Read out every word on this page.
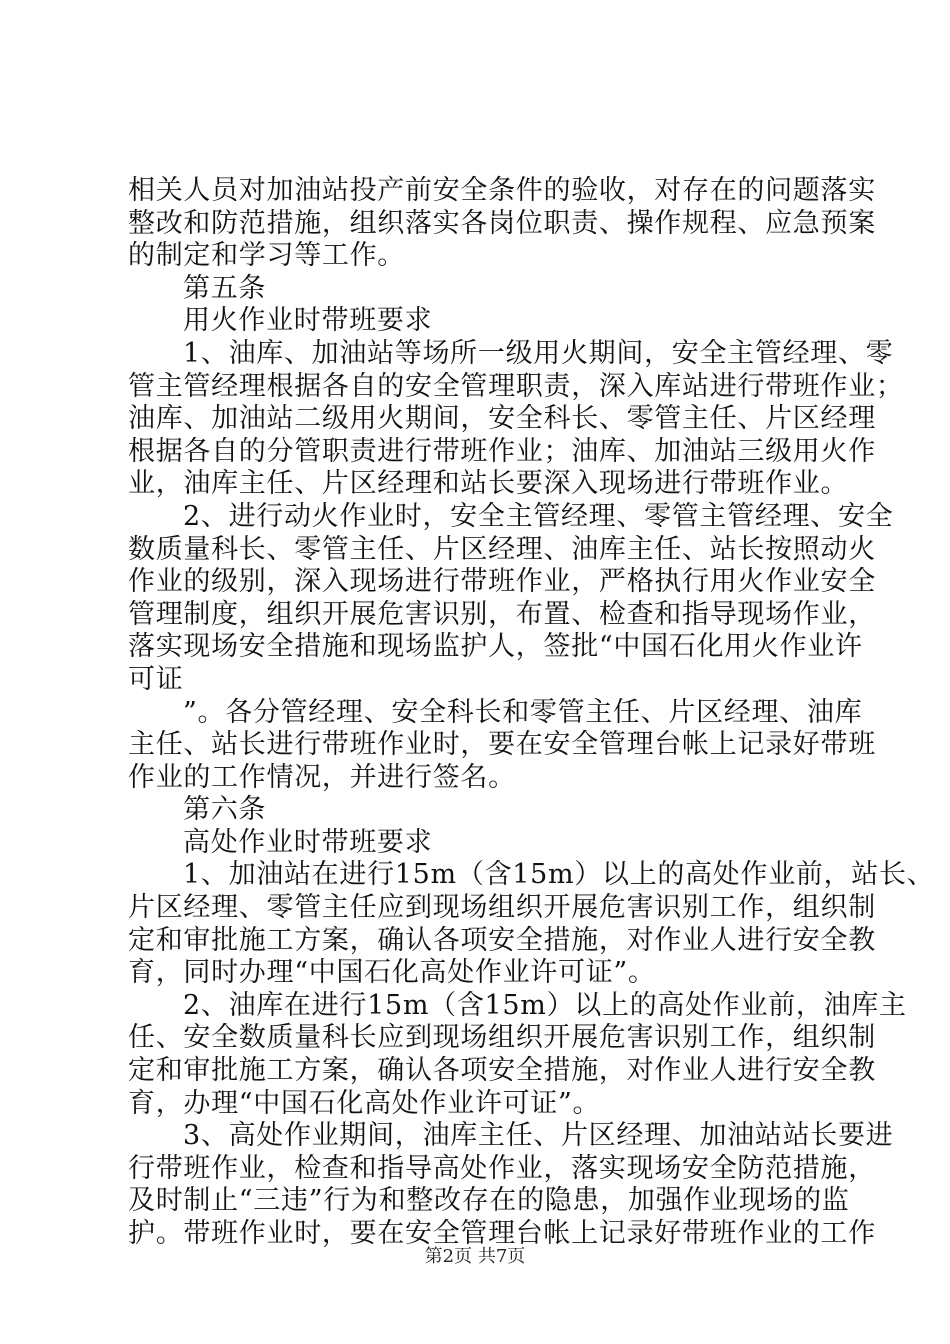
相关人员对加油站投产前安全条件的验收，对存在的问题落实
整改和防范措施，组织落实各岗位职责、操作规程、应急预案
的制定和学习等工作。
第五条
用火作业时带班要求
1、油库、加油站等场所一级用火期间，安全主管经理、零
管主管经理根据各自的安全管理职责，深入库站进行带班作业；
油库、加油站二级用火期间，安全科长、零管主任、片区经理
根据各自的分管职责进行带班作业；油库、加油站三级用火作
业，油库主任、片区经理和站长要深入现场进行带班作业。
2、进行动火作业时，安全主管经理、零管主管经理、安全
数质量科长、零管主任、片区经理、油库主任、站长按照动火
作业的级别，深入现场进行带班作业，严格执行用火作业安全
管理制度，组织开展危害识别，布置、检查和指导现场作业，
落实现场安全措施和现场监护人，签批“中国石化用火作业许
可证
”。各分管经理、安全科长和零管主任、片区经理、油库
主任、站长进行带班作业时，要在安全管理台帐上记录好带班
作业的工作情况，并进行签名。
第六条
高处作业时带班要求
1、加油站在进行15m（含15m）以上的高处作业前，站长、
片区经理、零管主任应到现场组织开展危害识别工作，组织制
定和审批施工方案，确认各项安全措施，对作业人进行安全教
育，同时办理“中国石化高处作业许可证”。
2、油库在进行15m（含15m）以上的高处作业前，油库主
任、安全数质量科长应到现场组织开展危害识别工作，组织制
定和审批施工方案，确认各项安全措施，对作业人进行安全教
育，办理“中国石化高处作业许可证”。
3、高处作业期间，油库主任、片区经理、加油站站长要进
行带班作业，检查和指导高处作业，落实现场安全防范措施，
及时制止“三违”行为和整改存在的隐患，加强作业现场的监
护。带班作业时，要在安全管理台帐上记录好带班作业的工作
第2页 共7页
